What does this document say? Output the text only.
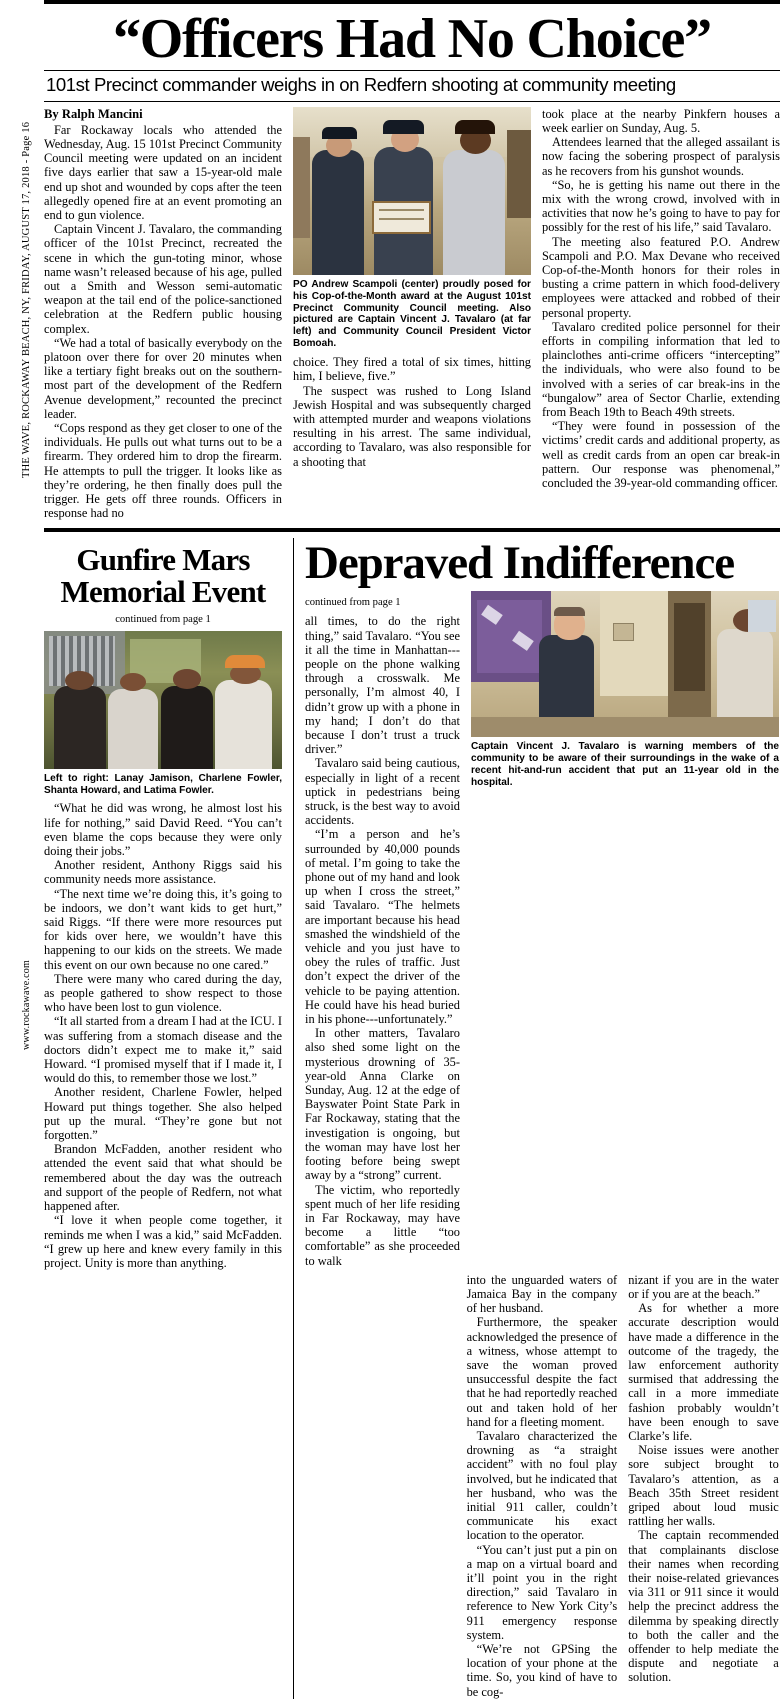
THE WAVE, ROCKAWAY BEACH, NY, FRIDAY, AUGUST 17, 2018 - Page 16
www.rockawave.com
“Officers Had No Choice”
101st Precinct commander weighs in on Redfern shooting at community meeting
By Ralph Mancini

Far Rockaway locals who attended the Wednesday, Aug. 15 101st Precinct Community Council meeting were updated on an incident five days earlier that saw a 15-year-old male end up shot and wounded by cops after the teen allegedly opened fire at an event promoting an end to gun violence.

Captain Vincent J. Tavalaro, the commanding officer of the 101st Precinct, recreated the scene in which the gun-toting minor, whose name wasn’t released because of his age, pulled out a Smith and Wesson semi-automatic weapon at the tail end of the police-sanctioned celebration at the Redfern public housing complex.

“We had a total of basically everybody on the platoon over there for over 20 minutes when like a tertiary fight breaks out on the southern-most part of the development of the Redfern Avenue development,” recounted the precinct leader.

“Cops respond as they get closer to one of the individuals. He pulls out what turns out to be a firearm. They ordered him to drop the firearm. He attempts to pull the trigger. It looks like as they’re ordering, he then finally does pull the trigger. He gets off three rounds. Officers in response had no

PO Andrew Scampoli (center) proudly posed for his Cop-of-the-Month award at the August 101st Precinct Community Council meeting. Also pictured are Captain Vincent J. Tavalaro (at far left) and Community Council President Victor Bomoah.

choice. They fired a total of six times, hitting him, I believe, five.”

The suspect was rushed to Long Island Jewish Hospital and was subsequently charged with attempted murder and weapons violations resulting in his arrest. The same individual, according to Tavalaro, was also responsible for a shooting that

took place at the nearby Pinkfern houses a week earlier on Sunday, Aug. 5.

Attendees learned that the alleged assailant is now facing the sobering prospect of paralysis as he recovers from his gunshot wounds.

“So, he is getting his name out there in the mix with the wrong crowd, involved with in activities that now he’s going to have to pay for possibly for the rest of his life,” said Tavalaro.

The meeting also featured P.O. Andrew Scampoli and P.O. Max Devane who received Cop-of-the-Month honors for their roles in busting a crime pattern in which food-delivery employees were attacked and robbed of their personal property.

Tavalaro credited police personnel for their efforts in compiling information that led to plainclothes anti-crime officers “intercepting” the individuals, who were also found to be involved with a series of car break-ins in the “bungalow” area of Sector Charlie, extending from Beach 19th to Beach 49th streets.

“They were found in possession of the victims’ credit cards and additional property, as well as credit cards from an open car break-in pattern. Our response was phenomenal,” concluded the 39-year-old commanding officer.

Gunfire Mars
Memorial Event
continued from page 1
Left to right: Lanay Jamison, Charlene Fowler, Shanta Howard, and Latima Fowler.

“What he did was wrong, he almost lost his life for nothing,” said David Reed. “You can’t even blame the cops because they were only doing their jobs.”

Another resident, Anthony Riggs said his community needs more assistance.

“The next time we’re doing this, it’s going to be indoors, we don’t want kids to get hurt,” said Riggs. “If there were more resources put for kids over here, we wouldn’t have this happening to our kids on the streets. We made this event on our own because no one cared.”

There were many who cared during the day, as people gathered to show respect to those who have been lost to gun violence.

“It all started from a dream I had at the ICU. I was suffering from a stomach disease and the doctors didn’t expect me to make it,” said Howard. “I promised myself that if I made it, I would do this, to remember those we lost.”

Another resident, Charlene Fowler, helped Howard put things together. She also helped put up the mural. “They’re gone but not forgotten.”

Brandon McFadden, another resident who attended the event said that what should be remembered about the day was the outreach and support of the people of Redfern, not what happened after.

“I love it when people come together, it reminds me when I was a kid,” said McFadden. “I grew up here and knew every family in this project. Unity is more than anything.

Depraved Indifference
continued from page 1

all times, to do the right thing,” said Tavalaro. “You see it all the time in Manhattan---people on the phone walking through a crosswalk. Me personally, I’m almost 40, I didn’t grow up with a phone in my hand; I don’t do that because I don’t trust a truck driver.”

Tavalaro said being cautious, especially in light of a recent uptick in pedestrians being struck, is the best way to avoid accidents.

“I’m a person and he’s surrounded by 40,000 pounds of metal. I’m going to take the phone out of my hand and look up when I cross the street,” said Tavalaro. “The helmets are important because his head smashed the windshield of the vehicle and you just have to obey the rules of traffic. Just don’t expect the driver of the vehicle to be paying attention. He could have his head buried in his phone---unfortunately.”

In other matters, Tavalaro also shed some light on the mysterious drowning of 35-year-old Anna Clarke on Sunday, Aug. 12 at the edge of Bayswater Point State Park in Far Rockaway, stating that the investigation is ongoing, but the woman may have lost her footing before being swept away by a “strong” current.

The victim, who reportedly spent much of her life residing in Far Rockaway, may have become a little “too comfortable” as she proceeded to walk

Captain Vincent J. Tavalaro is warning members of the community to be aware of their surroundings in the wake of a recent hit-and-run accident that put an 11-year old in the hospital.

into the unguarded waters of Jamaica Bay in the company of her husband.

Furthermore, the speaker acknowledged the presence of a witness, whose attempt to save the woman proved unsuccessful despite the fact that he had reportedly reached out and taken hold of her hand for a fleeting moment.

Tavalaro characterized the drowning as “a straight accident” with no foul play involved, but he indicated that her husband, who was the initial 911 caller, couldn’t communicate his exact location to the operator.

“You can’t just put a pin on a map on a virtual board and it’ll point you in the right direction,” said Tavalaro in reference to New York City’s 911 emergency response system.

“We’re not GPSing the location of your phone at the time. So, you kind of have to be cog-

nizant if you are in the water or if you are at the beach.”

As for whether a more accurate description would have made a difference in the outcome of the tragedy, the law enforcement authority surmised that addressing the call in a more immediate fashion probably wouldn’t have been enough to save Clarke’s life.

Noise issues were another sore subject brought to Tavalaro’s attention, as a Beach 35th Street resident griped about loud music rattling her walls.

The captain recommended that complainants disclose their names when recording their noise-related grievances via 311 or 911 since it would help the precinct address the dilemma by speaking directly to both the caller and the offender to help mediate the dispute and negotiate a solution.
